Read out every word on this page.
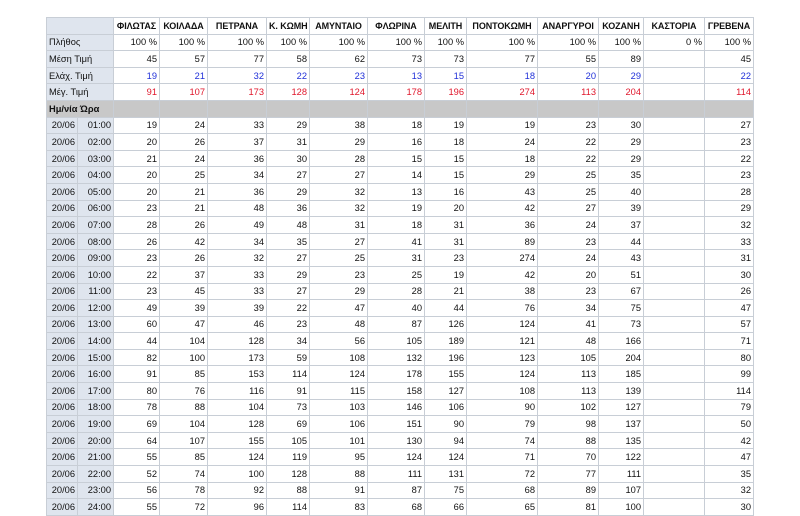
		ΦΙΛΩΤΑΣ	ΚΟΙΛΑΔΑ	ΠΕΤΡΑΝΑ	Κ. ΚΩΜΗ	ΑΜΥΝΤΑΙΟ	ΦΛΩΡΙΝΑ	ΜΕΛΙΤΗ	ΠΟΝΤΟΚΩΜΗ	ΑΝΑΡΓΥΡΟΙ	ΚΟΖΑΝΗ	ΚΑΣΤΟΡΙΑ	ΓΡΕΒΕΝΑ
Πλήθος		100 %	100 %	100 %	100 %	100 %	100 %	100 %	100 %	100 %	100 %	0 %	100 %
Μέση Τιμή		45	57	77	58	62	73	73	77	55	89		45
Ελάχ. Τιμή		19	21	32	22	23	13	15	18	20	29		22
Μέγ. Τιμή		91	107	173	128	124	178	196	274	113	204		114
Ημ/νία Ώρα													
20/06	01:00	19	24	33	29	38	18	19	19	23	30		27
20/06	02:00	20	26	37	31	29	16	18	24	22	29		23
20/06	03:00	21	24	36	30	28	15	15	18	22	29		22
20/06	04:00	20	25	34	27	27	14	15	29	25	35		23
20/06	05:00	20	21	36	29	32	13	16	43	25	40		28
20/06	06:00	23	21	48	36	32	19	20	42	27	39		29
20/06	07:00	28	26	49	48	31	18	31	36	24	37		32
20/06	08:00	26	42	34	35	27	41	31	89	23	44		33
20/06	09:00	23	26	32	27	25	31	23	274	24	43		31
20/06	10:00	22	37	33	29	23	25	19	42	20	51		30
20/06	11:00	23	45	33	27	29	28	21	38	23	67		26
20/06	12:00	49	39	39	22	47	40	44	76	34	75		47
20/06	13:00	60	47	46	23	48	87	126	124	41	73		57
20/06	14:00	44	104	128	34	56	105	189	121	48	166		71
20/06	15:00	82	100	173	59	108	132	196	123	105	204		80
20/06	16:00	91	85	153	114	124	178	155	124	113	185		99
20/06	17:00	80	76	116	91	115	158	127	108	113	139		114
20/06	18:00	78	88	104	73	103	146	106	90	102	127		79
20/06	19:00	69	104	128	69	106	151	90	79	98	137		50
20/06	20:00	64	107	155	105	101	130	94	74	88	135		42
20/06	21:00	55	85	124	119	95	124	124	71	70	122		47
20/06	22:00	52	74	100	128	88	111	131	72	77	111		35
20/06	23:00	56	78	92	88	91	87	75	68	89	107		32
20/06	24:00	55	72	96	114	83	68	66	65	81	100		30
